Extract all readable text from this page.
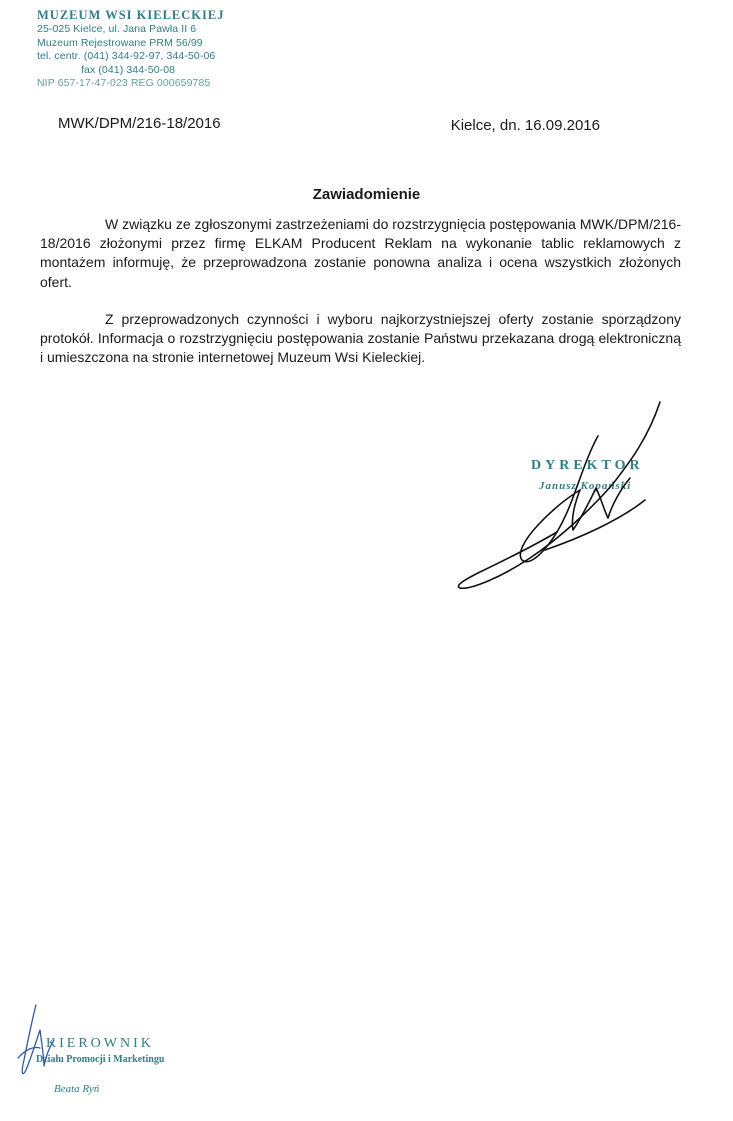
MUZEUM WSI KIELECKIEJ
25-025 Kielce, ul. Jana Pawła II 6
Muzeum Rejestrowane PRM 56/99
tel. centr. (041) 344-92-97, 344-50-06
fax (041) 344-50-08
NIP 657-17-47-023 REG 000659785
MWK/DPM/216-18/2016	Kielce, dn. 16.09.2016
Zawiadomienie

W związku ze zgłoszonymi zastrzeżeniami do rozstrzygnięcia postępowania MWK/DPM/216-18/2016 złożonymi przez firmę ELKAM Producent Reklam na wykonanie tablic reklamowych z montażem informuję, że przeprowadzona zostanie ponowna analiza i ocena wszystkich złożonych ofert.

Z przeprowadzonych czynności i wyboru najkorzystniejszej oferty zostanie sporządzony protokół. Informacja o rozstrzygnięciu postępowania zostanie Państwu przekazana drogą elektroniczną i umieszczona na stronie internetowej Muzeum Wsi Kieleckiej.

DYREKTOR
Janusz Kopański
KIEROWNIK
Działu Promocji i Marketingu
Beata Ryń
